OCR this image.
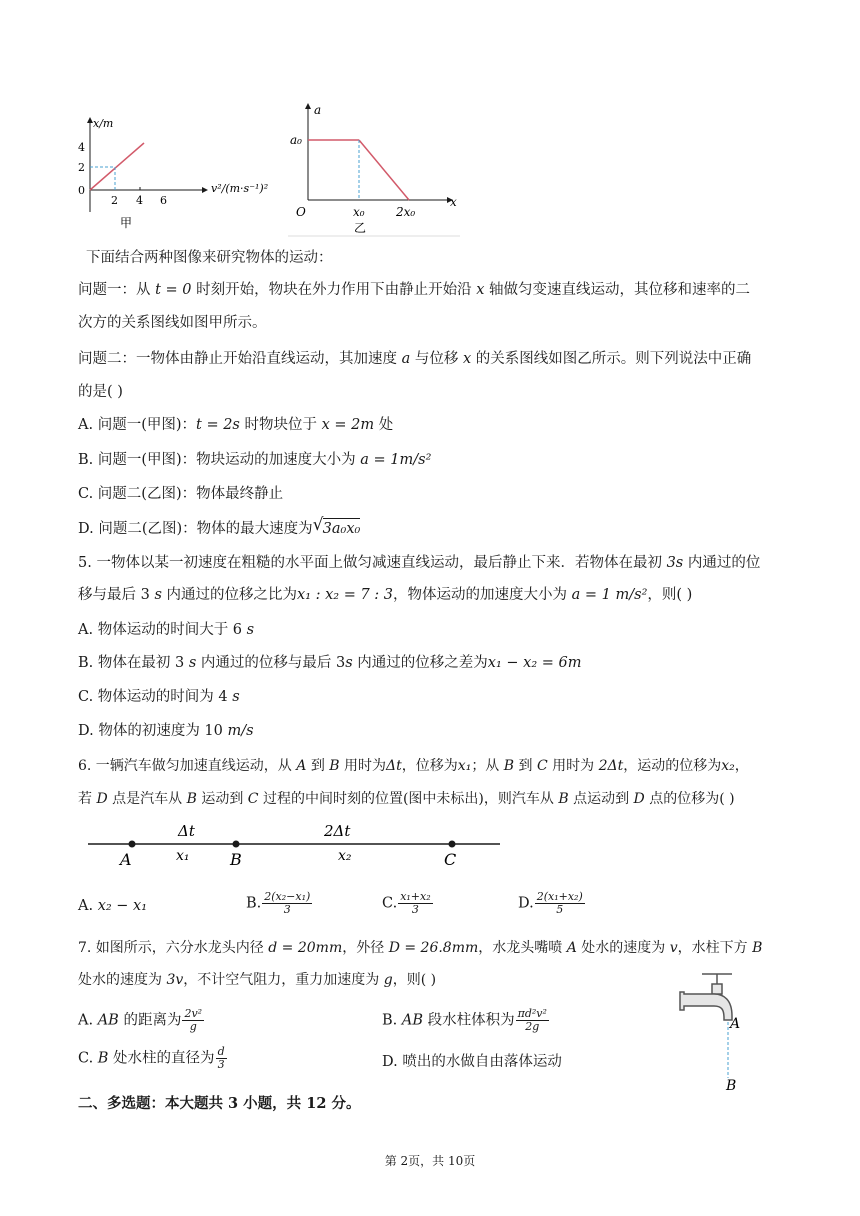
x/m
4
2
0
2 4 6
v²/(m·s⁻¹)²
甲
a
a₀
O	x₀	2x₀
x
乙
下面结合两种图像来研究物体的运动：
问题一：从 t = 0 时刻开始，物块在外力作用下由静止开始沿 x 轴做匀变速直线运动，其位移和速率的二
次方的关系图线如图甲所示。
问题二：一物体由静止开始沿直线运动，其加速度 a 与位移 x 的关系图线如图乙所示。则下列说法中正确
的是( )
A. 问题一(甲图)：t = 2s 时物块位于 x = 2m 处
B. 问题一(甲图)：物块运动的加速度大小为 a = 1m/s²
C. 问题二(乙图)：物体最终静止
D. 问题二(乙图)：物体的最大速度为 √ 3a₀x₀
5. 一物体以某一初速度在粗糙的水平面上做匀减速直线运动，最后静止下来．若物体在最初 3s 内通过的位
移与最后 3 s 内通过的位移之比为x₁ : x₂ = 7 : 3，物体运动的加速度大小为 a = 1 m/s²，则( )
A. 物体运动的时间大于 6 s
B. 物体在最初 3 s 内通过的位移与最后 3s 内通过的位移之差为x₁ − x₂ = 6m
C. 物体运动的时间为 4 s
D. 物体的初速度为 10 m/s
6. 一辆汽车做匀加速直线运动，从 A 到 B 用时为Δt，位移为x₁；从 B 到 C 用时为 2Δt，运动的位移为x₂，
若 D 点是汽车从 B 运动到 C 过程的中间时刻的位置(图中未标出)，则汽车从 B 点运动到 D 点的位移为( )
Δt	2Δt
x₁	x₂
A	B	C
A. x₂ − x₁	B. $\frac{\text{2(x₂−x₁)}}{3}$	C. $\frac{\text{x₁+x₂}}{3}$	D. $\frac{\text{2(x₁+x₂)}}{5}$
7. 如图所示，六分水龙头内径 d = 20mm，外径 D = 26.8mm，水龙头嘴喷 A 处水的速度为 v，水柱下方 B
处水的速度为 3v，不计空气阻力，重力加速度为 g，则( )
A. AB 的距离为 $\frac{\text{2v²}}{g}$	B. AB 段水柱体积为 $\frac{\text{πd²v²}}{2g}$
C. B 处水柱的直径为 $\frac{d}{3}$	D. 喷出的水做自由落体运动
A
B
二、多选题：本大题共 3 小题，共 12 分。
第 2页，共 10页
